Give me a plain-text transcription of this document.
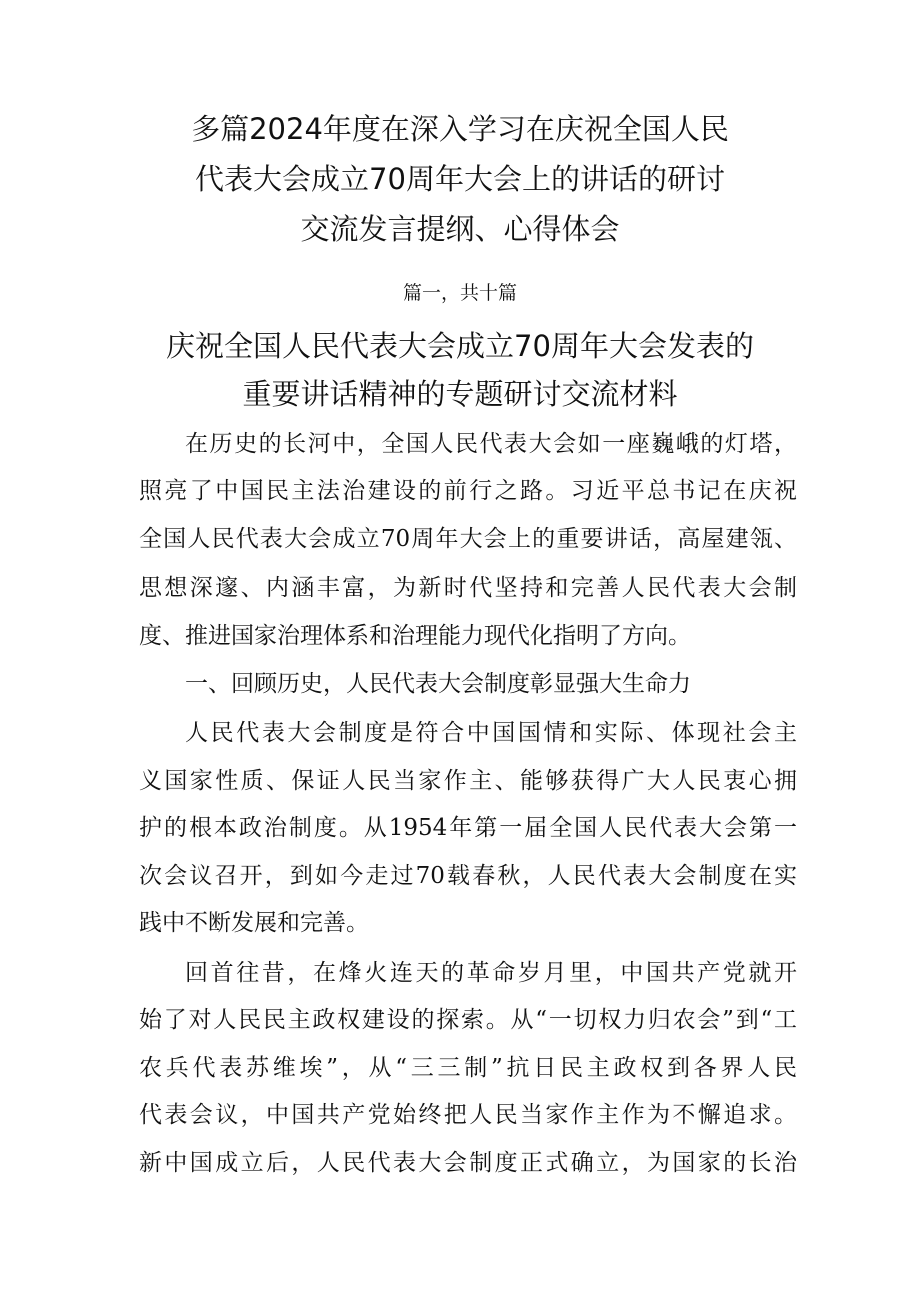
多篇2024年度在深入学习在庆祝全国人民
代表大会成立70周年大会上的讲话的研讨
交流发言提纲、心得体会
篇一，共十篇
庆祝全国人民代表大会成立70周年大会发表的
重要讲话精神的专题研讨交流材料
在历史的长河中，全国人民代表大会如一座巍峨的灯塔，
照亮了中国民主法治建设的前行之路。习近平总书记在庆祝
全国人民代表大会成立70周年大会上的重要讲话，高屋建瓴、
思想深邃、内涵丰富，为新时代坚持和完善人民代表大会制
度、推进国家治理体系和治理能力现代化指明了方向。
一、回顾历史，人民代表大会制度彰显强大生命力
人民代表大会制度是符合中国国情和实际、体现社会主
义国家性质、保证人民当家作主、能够获得广大人民衷心拥
护的根本政治制度。从1954年第一届全国人民代表大会第一
次会议召开，到如今走过70载春秋，人民代表大会制度在实
践中不断发展和完善。
回首往昔，在烽火连天的革命岁月里，中国共产党就开
始了对人民民主政权建设的探索。从“一切权力归农会”到“工
农兵代表苏维埃”，从“三三制”抗日民主政权到各界人民
代表会议，中国共产党始终把人民当家作主作为不懈追求。
新中国成立后，人民代表大会制度正式确立，为国家的长治
